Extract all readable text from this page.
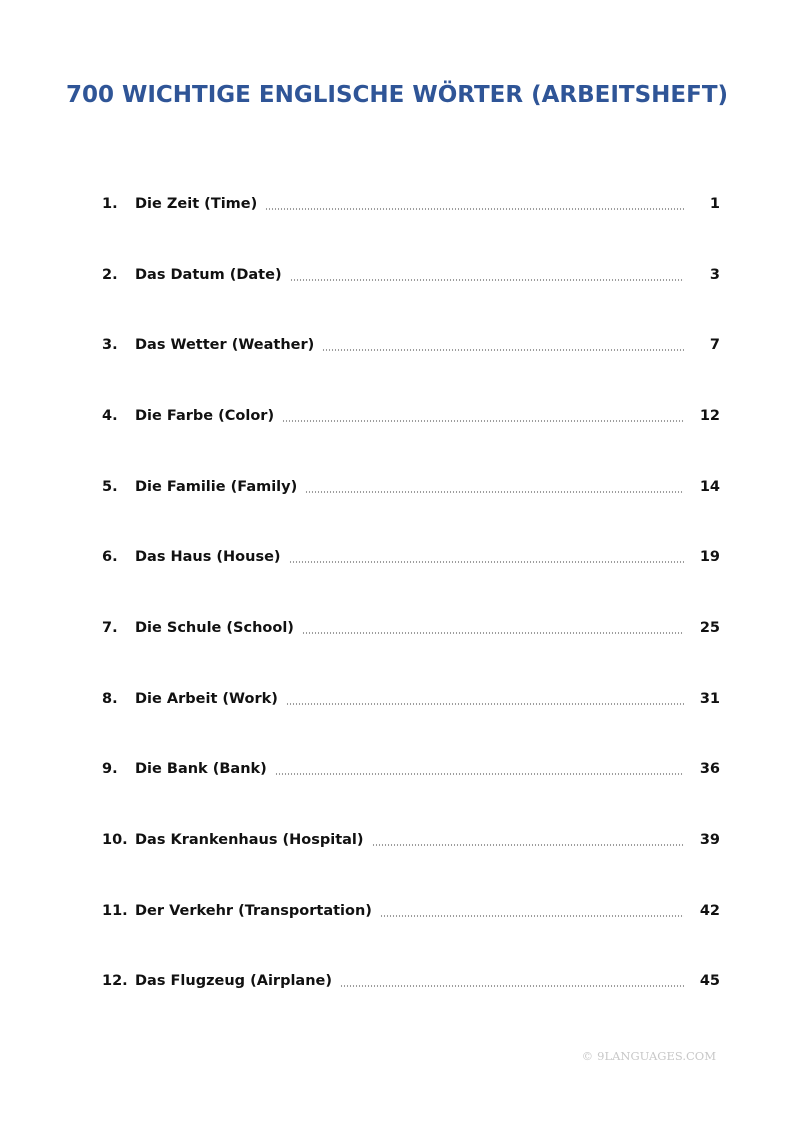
700 WICHTIGE ENGLISCHE WÖRTER (ARBEITSHEFT)
1.	Die Zeit (Time)	1
2.	Das Datum (Date)	3
3.	Das Wetter (Weather)	7
4.	Die Farbe (Color)	12
5.	Die Familie (Family)	14
6.	Das Haus (House)	19
7.	Die Schule (School)	25
8.	Die Arbeit (Work)	31
9.	Die Bank (Bank)	36
10. Das Krankenhaus (Hospital)	39
11. Der Verkehr (Transportation)	42
12. Das Flugzeug (Airplane)	45
© 9LANGUAGES.COM
